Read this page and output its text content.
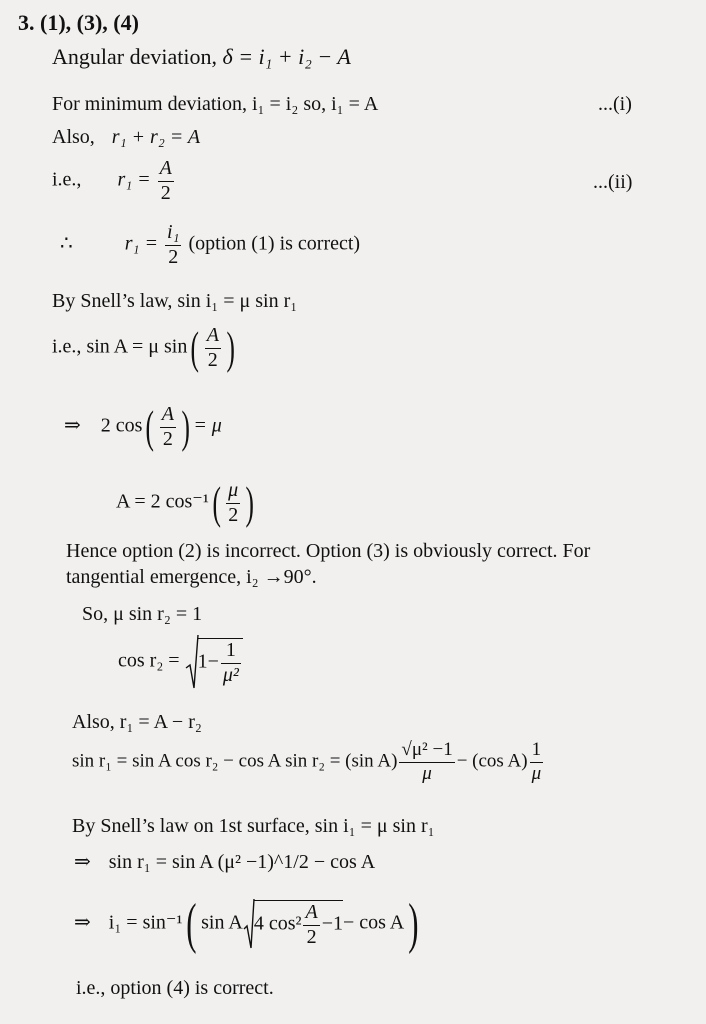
3. (1), (3), (4)
Angular deviation, δ = i₁ + i₂ − A
For minimum deviation, i₁ = i₂ so, i₁ = A	...(i)
Also, r₁ + r₂ = A
i.e., $r_1 = \frac{A}{2}$	...(ii)
∴	$r_1 = \frac{\text{i₁}}{2}$ (option (1) is correct)
By Snell’s law, sin i₁ = μ sin r₁
i.e., sin A = μ $\sin( \frac{A}{2}$ )
⇒ 2 $\cos( \frac{A}{2}$ ) = μ
A = 2 $\cos^{-1}( \frac{\mu}{2}$ )
Hence option (2) is incorrect. Option (3) is obviously correct. For tangential emergence, i₂ →90°.
So, μ sin r₂ = 1
$\cos r_2 = 1- \frac{1}{\text{μ²}}$
Also, r₁ = A − r₂
sin r₁ = sin A cos r₂ − cos A sin r₂ = (sin $A) \frac{\text{√μ² −1}}{\mu} - (\cos$ $A) \frac{1}{\mu}$
By Snell’s law on 1st surface, sin i₁ = μ sin r₁
⇒ sin r₁ = sin A (μ² −1)^1/2 − cos A
⇒ i₁ = sin⁻¹( sin A 4 $\cos^2 \frac{A}{2} -1- \cos A$)
i.e., option (4) is correct.
